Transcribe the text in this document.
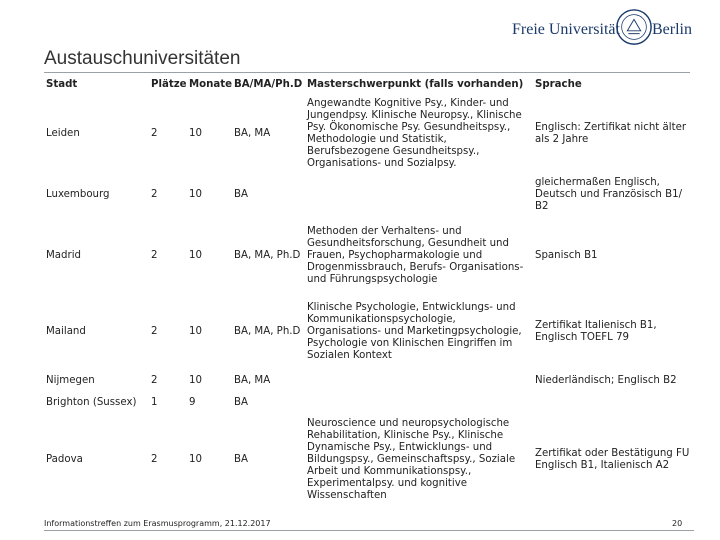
Austauschuniversitäten
Freie Universität Berlin
Stadt	Plätze	Monate	BA/MA/Ph.D	Masterschwerpunkt (falls vorhanden)	Sprache
Leiden	2	10	BA, MA	Angewandte Kognitive Psy., Kinder- und Jungendpsy. Klinische Neuropsy., Klinische Psy. Ökonomische Psy. Gesundheitspsy., Methodologie und Statistik, Berufsbezogene Gesundheitspsy., Organisations- und Sozialpsy.	Englisch: Zertifikat nicht älter als 2 Jahre
Luxembourg	2	10	BA		gleichermaßen Englisch, Deutsch und Französisch B1/ B2
Madrid	2	10	BA, MA, Ph.D	Methoden der Verhaltens- und Gesundheitsforschung, Gesundheit und Frauen, Psychopharmakologie und Drogenmissbrauch, Berufs- Organisations- und Führungspsychologie	Spanisch B1
Mailand	2	10	BA, MA, Ph.D	Klinische Psychologie, Entwicklungs- und Kommunikationspsychologie, Organisations- und Marketingpsychologie, Psychologie von Klinischen Eingriffen im Sozialen Kontext	Zertifikat Italienisch B1, Englisch TOEFL 79
Nijmegen	2	10	BA, MA		Niederländisch; Englisch B2
Brighton (Sussex)	1	9	BA		
Padova	2	10	BA	Neuroscience und neuropsychologische Rehabilitation, Klinische Psy., Klinische Dynamische Psy., Entwicklungs- und Bildungspsy., Gemeinschaftspsy., Soziale Arbeit und Kommunikationspsy., Experimentalpsy. und kognitive Wissenschaften	Zertifikat oder Bestätigung FU Englisch B1, Italienisch A2
Informationstreffen zum Erasmusprogramm, 21.12.2017	20
